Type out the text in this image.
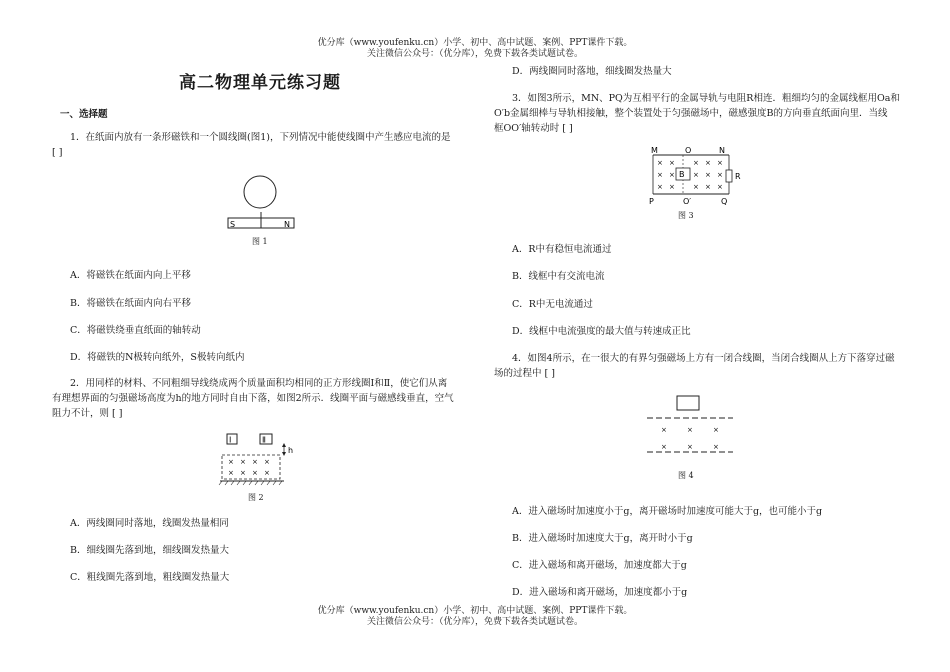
优分库（www.youfenku.cn）小学、初中、高中试题、案例、PPT课件下载。
关注微信公众号：（优分库），免费下载各类试题试卷。
高二物理单元练习题
一、选择题
1．在纸面内放有一条形磁铁和一个圆线圈(图1)，下列情况中能使线圈中产生感应电流的是
[ ]
S	N
图 1
A．将磁铁在纸面内向上平移
B．将磁铁在纸面内向右平移
C．将磁铁绕垂直纸面的轴转动
D．将磁铁的N极转向纸外，S极转向纸内
2．用同样的材料、不同粗细导线绕成两个质量面积均相同的正方形线圈Ⅰ和Ⅱ，使它们从离
有理想界面的匀强磁场高度为h的地方同时自由下落，如图2所示．线圈平面与磁感线垂直，空气
阻力不计，则 [ ]
Ⅰ	Ⅱ
h
× × × ×
× × × ×
图 2
A．两线圈同时落地，线圈发热量相同
B．细线圈先落到地，细线圈发热量大
C．粗线圈先落到地，粗线圈发热量大
D．两线圈同时落地，细线圈发热量大
3．如图3所示，MN、PQ为互相平行的金属导轨与电阻R相连．粗细均匀的金属线框用Oa和
O′b金属细棒与导轨相接触，整个装置处于匀强磁场中，磁感强度B的方向垂直纸面向里．当线
框OO′轴转动时 [ ]
M	O	N
R
B
× ×	× × ×
× ×	× × ×
× ×	× × ×
P	O′	Q
图 3
A．R中有稳恒电流通过
B．线框中有交流电流
C．R中无电流通过
D．线框中电流强度的最大值与转速成正比
4．如图4所示，在一很大的有界匀强磁场上方有一闭合线圈，当闭合线圈从上方下落穿过磁
场的过程中 [ ]
×	×	×
×	×	×
图 4
A．进入磁场时加速度小于g，离开磁场时加速度可能大于g，也可能小于g
B．进入磁场时加速度大于g，离开时小于g
C．进入磁场和离开磁场，加速度都大于g
D．进入磁场和离开磁场，加速度都小于g
优分库（www.youfenku.cn）小学、初中、高中试题、案例、PPT课件下载。
关注微信公众号：（优分库），免费下载各类试题试卷。
